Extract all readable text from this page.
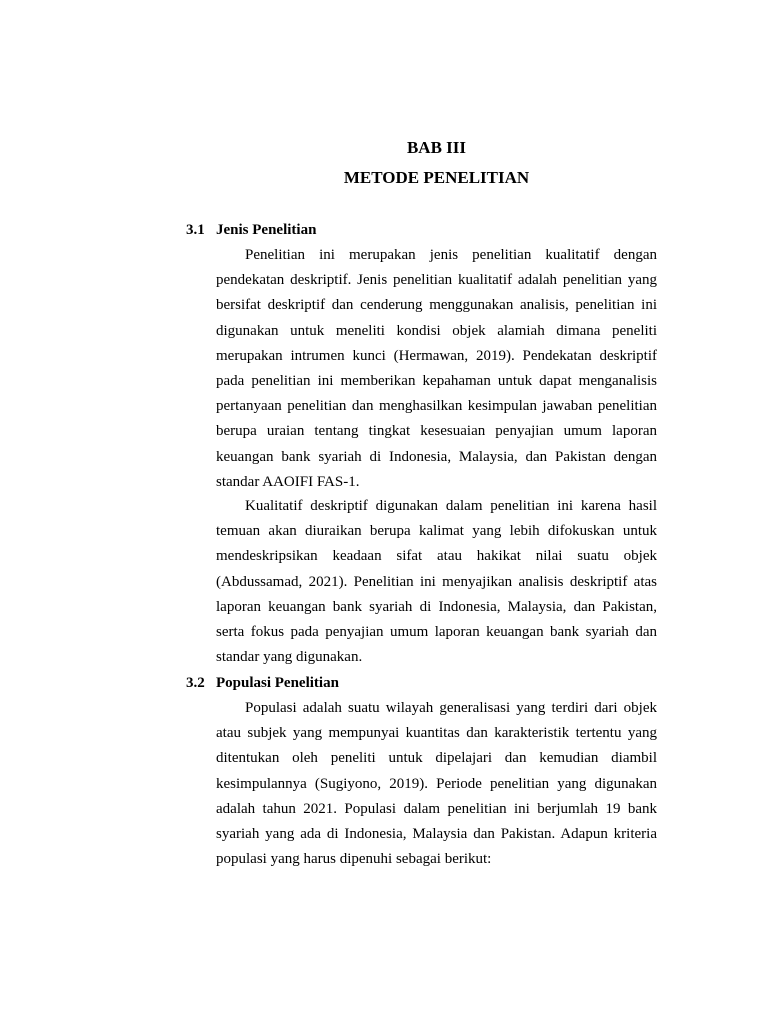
BAB III
METODE PENELITIAN
3.1 Jenis Penelitian

Penelitian ini merupakan jenis penelitian kualitatif dengan pendekatan deskriptif. Jenis penelitian kualitatif adalah penelitian yang bersifat deskriptif dan cenderung menggunakan analisis, penelitian ini digunakan untuk meneliti kondisi objek alamiah dimana peneliti merupakan intrumen kunci (Hermawan, 2019). Pendekatan deskriptif pada penelitian ini memberikan kepahaman untuk dapat menganalisis pertanyaan penelitian dan menghasilkan kesimpulan jawaban penelitian berupa uraian tentang tingkat kesesuaian penyajian umum laporan keuangan bank syariah di Indonesia, Malaysia, dan Pakistan dengan standar AAOIFI FAS-1.

Kualitatif deskriptif digunakan dalam penelitian ini karena hasil temuan akan diuraikan berupa kalimat yang lebih difokuskan untuk mendeskripsikan keadaan sifat atau hakikat nilai suatu objek (Abdussamad, 2021). Penelitian ini menyajikan analisis deskriptif atas laporan keuangan bank syariah di Indonesia, Malaysia, dan Pakistan, serta fokus pada penyajian umum laporan keuangan bank syariah dan standar yang digunakan.

3.2 Populasi Penelitian

Populasi adalah suatu wilayah generalisasi yang terdiri dari objek atau subjek yang mempunyai kuantitas dan karakteristik tertentu yang ditentukan oleh peneliti untuk dipelajari dan kemudian diambil kesimpulannya (Sugiyono, 2019). Periode penelitian yang digunakan adalah tahun 2021. Populasi dalam penelitian ini berjumlah 19 bank syariah yang ada di Indonesia, Malaysia dan Pakistan. Adapun kriteria populasi yang harus dipenuhi sebagai berikut:
